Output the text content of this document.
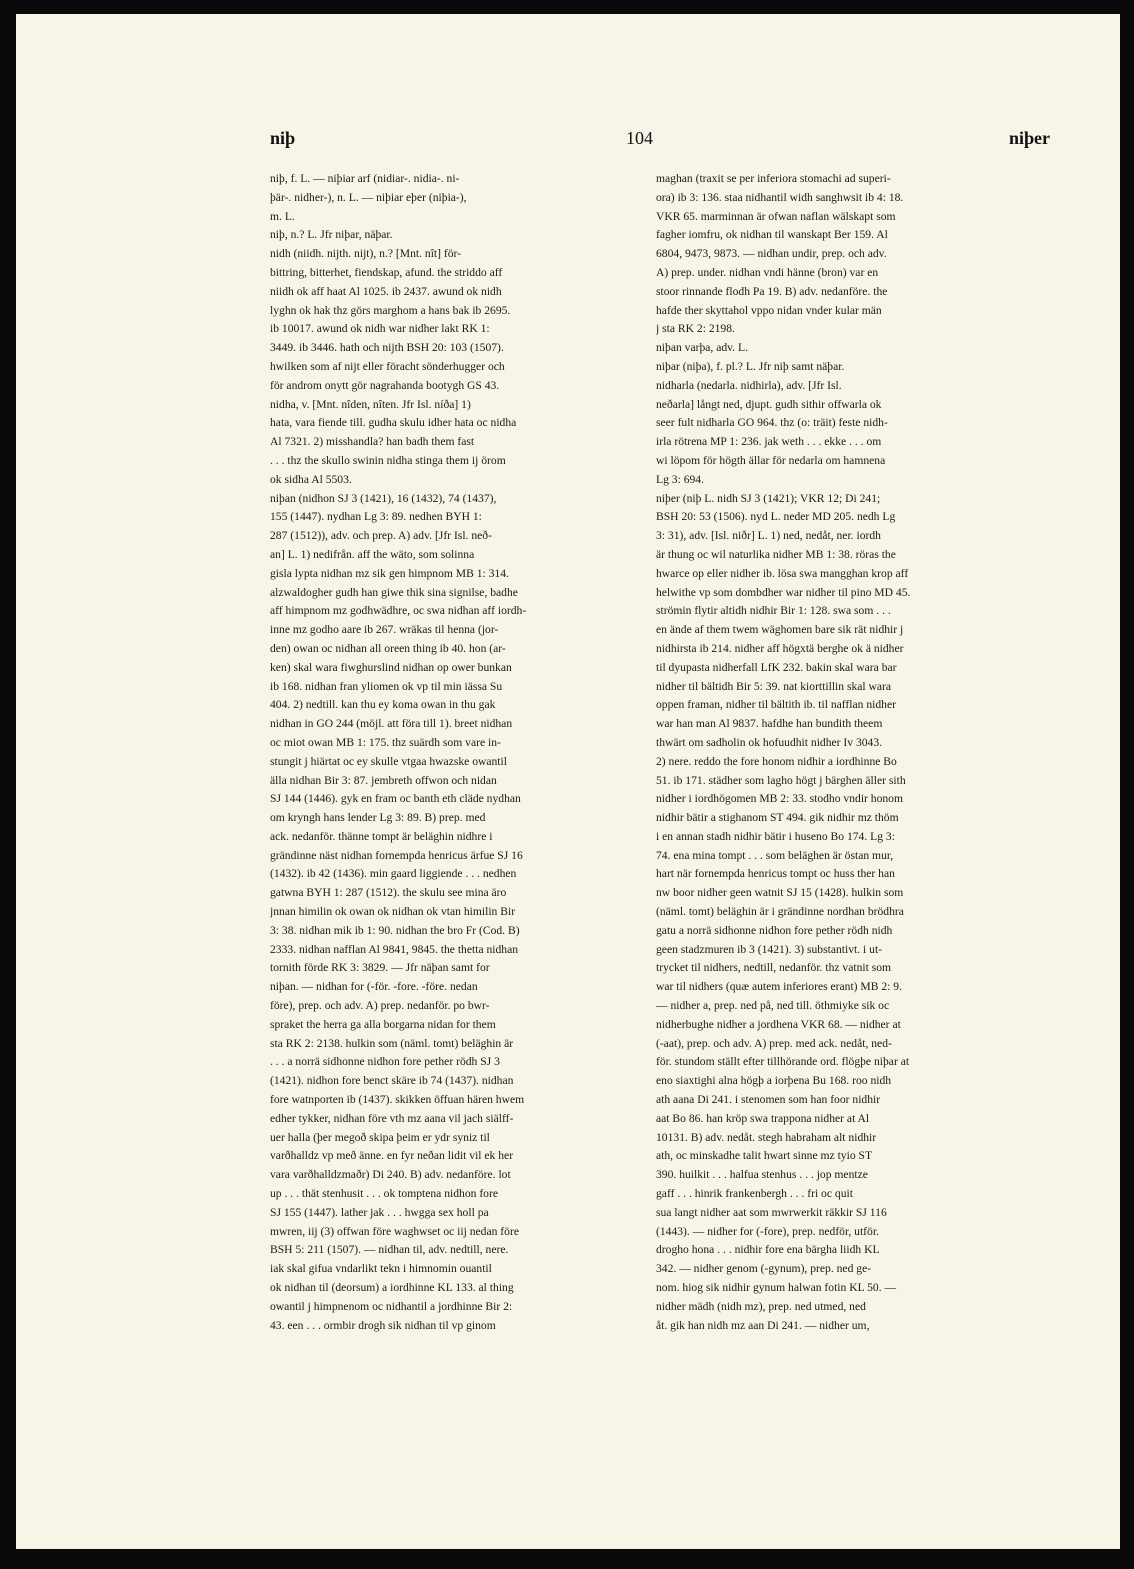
niþ	104	niþer
niþ, f. L. — niþiar arf (nidiar-. nidia-. ni-
þär-. nidher-), n. L. — niþiar eþer (niþia-),
m. L.
niþ, n.? L. Jfr niþar, näþar.
nidh (niidh. nijth. nijt), n.? [Mnt. nît] för-
bittring, bitterhet, fiendskap, afund. the striddo aff
niidh ok aff haat Al 1025. ib 2437. awund ok nidh
lyghn ok hak thz görs marghom a hans bak ib 2695.
ib 10017. awund ok nidh war nidher lakt RK 1:
3449. ib 3446. hath och nijth BSH 20: 103 (1507).
hwilken som af nijt eller föracht sönderhugger och
för androm onytt gör nagrahanda bootygh GS 43.
nidha, v. [Mnt. nîden, nîten. Jfr Isl. níða] 1)
hata, vara fiende till. gudha skulu idher hata oc nidha
Al 7321. 2) misshandla? han badh them fast
. . . thz the skullo swinin nidha stinga them ij örom
ok sidha Al 5503.
niþan (nidhon SJ 3 (1421), 16 (1432), 74 (1437),
155 (1447). nydhan Lg 3: 89. nedhen BYH 1:
287 (1512)), adv. och prep. A) adv. [Jfr Isl. neð-
an] L. 1) nedifrån. aff the wäto, som solinna
gisla lypta nidhan mz sik gen himpnom MB 1: 314.
alzwaldogher gudh han giwe thik sina signilse, badhe
aff himpnom mz godhwädhre, oc swa nidhan aff iordh-
inne mz godho aare ib 267. wräkas til henna (jor-
den) owan oc nidhan all oreen thing ib 40. hon (ar-
ken) skal wara fiwghurslind nidhan op ower bunkan
ib 168. nidhan fran yliomen ok vp til min iässa Su
404. 2) nedtill. kan thu ey koma owan in thu gak
nidhan in GO 244 (möjl. att föra till 1). breet nidhan
oc miot owan MB 1: 175. thz suärdh som vare in-
stungit j hiärtat oc ey skulle vtgaa hwazske owantil
älla nidhan Bir 3: 87. jembreth offwon och nidan
SJ 144 (1446). gyk en fram oc banth eth cläde nydhan
om kryngh hans lender Lg 3: 89. B) prep. med
ack. nedanför. thänne tompt är beläghin nidhre i
grändinne näst nidhan fornempda henricus ärfue SJ 16
(1432). ib 42 (1436). min gaard liggiende . . . nedhen
gatwna BYH 1: 287 (1512). the skulu see mina äro
jnnan himilin ok owan ok nidhan ok vtan himilin Bir
3: 38. nidhan mik ib 1: 90. nidhan the bro Fr (Cod. B)
2333. nidhan nafflan Al 9841, 9845. the thetta nidhan
tornith förde RK 3: 3829. — Jfr näþan samt for
niþan. — nidhan for (-för. -fore. -före. nedan
före), prep. och adv. A) prep. nedanför. po bwr-
spraket the herra ga alla borgarna nidan for them
sta RK 2: 2138. hulkin som (näml. tomt) beläghin är
. . . a norrä sidhonne nidhon fore pether rödh SJ 3
(1421). nidhon fore benct skäre ib 74 (1437). nidhan
fore watnporten ib (1437). skikken öffuan hären hwem
edher tykker, nidhan före vth mz aana vil jach siälff-
uer halla (þer megoð skipa þeim er ydr syniz til
varðhalldz vp með änne. en fyr neðan lidit vil ek her
vara varðhalldzmaðr) Di 240. B) adv. nedanföre. lot
up . . . thät stenhusit . . . ok tomptena nidhon fore
SJ 155 (1447). lather jak . . . hwgga sex holl pa
mwren, iij (3) offwan före waghwset oc iij nedan före
BSH 5: 211 (1507). — nidhan til, adv. nedtill, nere.
iak skal gifua vndarlikt tekn i himnomin ouantil
ok nidhan til (deorsum) a iordhinne KL 133. al thing
owantil j himpnenom oc nidhantil a jordhinne Bir 2:
43. een . . . ormbir drogh sik nidhan til vp ginom
maghan (traxit se per inferiora stomachi ad superi-
ora) ib 3: 136. staa nidhantil widh sanghwsit ib 4: 18.
VKR 65. marminnan är ofwan naflan wälskapt som
fagher iomfru, ok nidhan til wanskapt Ber 159. Al
6804, 9473, 9873. — nidhan undir, prep. och adv.
A) prep. under. nidhan vndi hänne (bron) var en
stoor rinnande flodh Pa 19. B) adv. nedanföre. the
hafde ther skyttahol vppo nidan vnder kular män
j sta RK 2: 2198.
niþan varþa, adv. L.
niþar (niþa), f. pl.? L. Jfr niþ samt näþar.
nidharla (nedarla. nidhirla), adv. [Jfr Isl.
neðarla] långt ned, djupt. gudh sithir offwarla ok
seer fult nidharla GO 964. thz (o: träit) feste nidh-
irla rötrena MP 1: 236. jak weth . . . ekke . . . om
wi löpom för högth ällar för nedarla om hamnena
Lg 3: 694.
niþer (niþ L. nidh SJ 3 (1421); VKR 12; Di 241;
BSH 20: 53 (1506). nyd L. neder MD 205. nedh Lg
3: 31), adv. [Isl. niðr] L. 1) ned, nedåt, ner. iordh
är thung oc wil naturlika nidher MB 1: 38. röras the
hwarce op eller nidher ib. lösa swa mangghan krop aff
helwithe vp som dombdher war nidher til pino MD 45.
strömin flytir altidh nidhir Bir 1: 128. swa som . . .
en ände af them twem wäghomen bare sik rät nidhir j
nidhirsta ib 214. nidher aff högxtä berghe ok ä nidher
til dyupasta nidherfall LfK 232. bakin skal wara bar
nidher til bältidh Bir 5: 39. nat kiorttillin skal wara
oppen framan, nidher til bältith ib. til nafflan nidher
war han man Al 9837. hafdhe han bundith theem
thwärt om sadholin ok hofuudhit nidher Iv 3043.
2) nere. reddo the fore honom nidhir a iordhinne Bo
51. ib 171. städher som lagho högt j bärghen äller sith
nidher i iordhögomen MB 2: 33. stodho vndir honom
nidhir bätir a stighanom ST 494. gik nidhir mz thöm
i en annan stadh nidhir bätir i huseno Bo 174. Lg 3:
74. ena mina tompt . . . som beläghen är östan mur,
hart när fornempda henricus tompt oc huss ther han
nw boor nidher geen watnit SJ 15 (1428). hulkin som
(näml. tomt) beläghin är i grändinne nordhan brödhra
gatu a norrä sidhonne nidhon fore pether rödh nidh
geen stadzmuren ib 3 (1421). 3) substantivt. i ut-
trycket til nidhers, nedtill, nedanför. thz vatnit som
war til nidhers (quæ autem inferiores erant) MB 2: 9.
— nidher a, prep. ned på, ned till. öthmiyke sik oc
nidherbughe nidher a jordhena VKR 68. — nidher at
(-aat), prep. och adv. A) prep. med ack. nedåt, ned-
för. stundom ställt efter tillhörande ord. flögþe niþar at
eno siaxtighi alna högþ a iorþena Bu 168. roo nidh
ath aana Di 241. i stenomen som han foor nidhir
aat Bo 86. han kröp swa trappona nidher at Al
10131. B) adv. nedåt. stegh habraham alt nidhir
ath, oc minskadhe talit hwart sinne mz tyio ST
390. huilkit . . . halfua stenhus . . . jop mentze
gaff . . . hinrik frankenbergh . . . fri oc quit
sua langt nidher aat som mwrwerkit räkkir SJ 116
(1443). — nidher for (-fore), prep. nedför, utför.
drogho hona . . . nidhir fore ena bärgha liidh KL
342. — nidher genom (-gynum), prep. ned ge-
nom. hiog sik nidhir gynum halwan fotin KL 50. —
nidher mädh (nidh mz), prep. ned utmed, ned
åt. gik han nidh mz aan Di 241. — nidher um,
